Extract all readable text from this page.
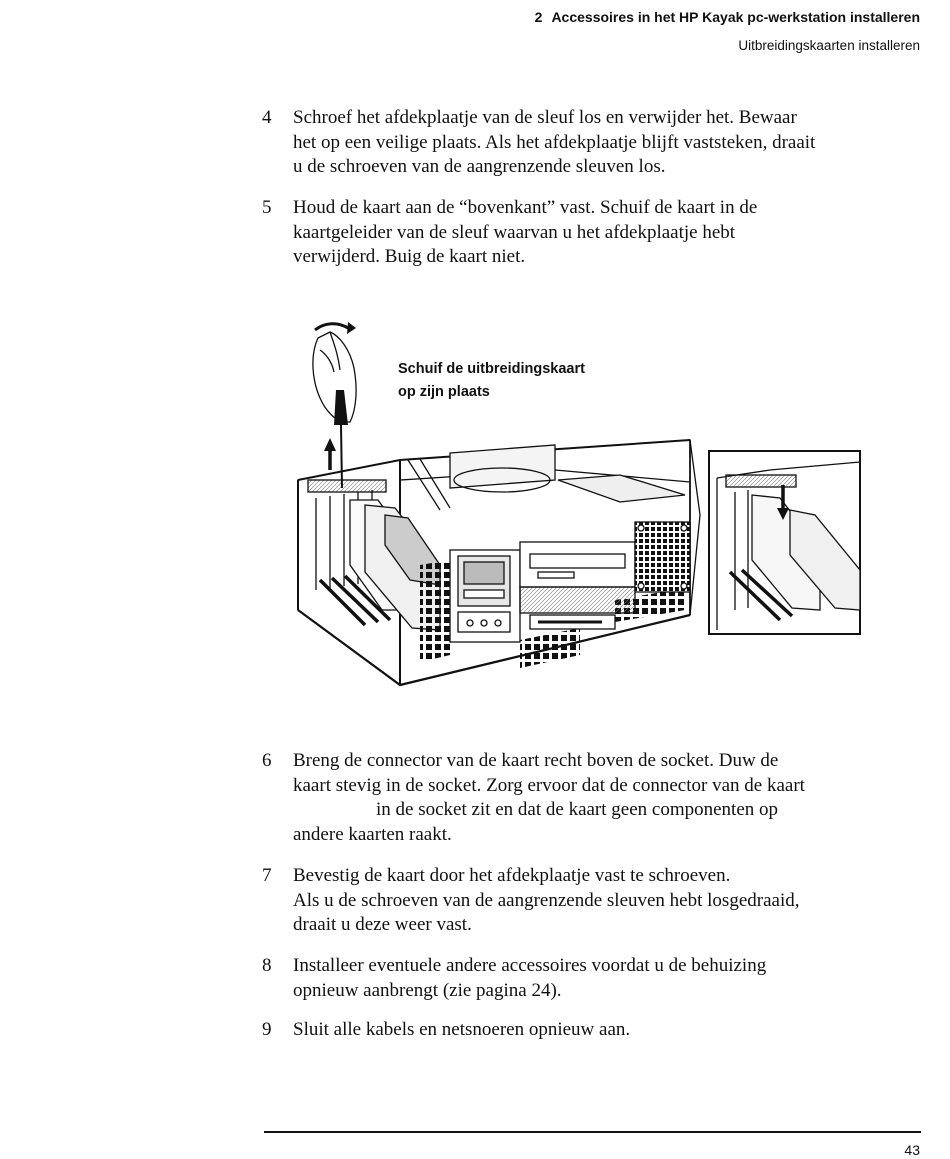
2 Accessoires in het HP Kayak pc-werkstation installeren
Uitbreidingskaarten installeren
4 Schroef het afdekplaatje van de sleuf los en verwijder het. Bewaar
het op een veilige plaats. Als het afdekplaatje blijft vaststeken, draait
u de schroeven van de aangrenzende sleuven los.
5 Houd de kaart aan de “bovenkant” vast. Schuif de kaart in de
kaartgeleider van de sleuf waarvan u het afdekplaatje hebt
verwijderd. Buig de kaart niet.
Schuif de uitbreidingskaart
op zijn plaats
6 Breng de connector van de kaart recht boven de socket. Duw de
kaart stevig in de socket. Zorg ervoor dat de connector van de kaart
in de socket zit en dat de kaart geen componenten op
andere kaarten raakt.
7 Bevestig de kaart door het afdekplaatje vast te schroeven.
Als u de schroeven van de aangrenzende sleuven hebt losgedraaid,
draait u deze weer vast.
8 Installeer eventuele andere accessoires voordat u de behuizing
opnieuw aanbrengt (zie pagina 24).
9 Sluit alle kabels en netsnoeren opnieuw aan.
43
